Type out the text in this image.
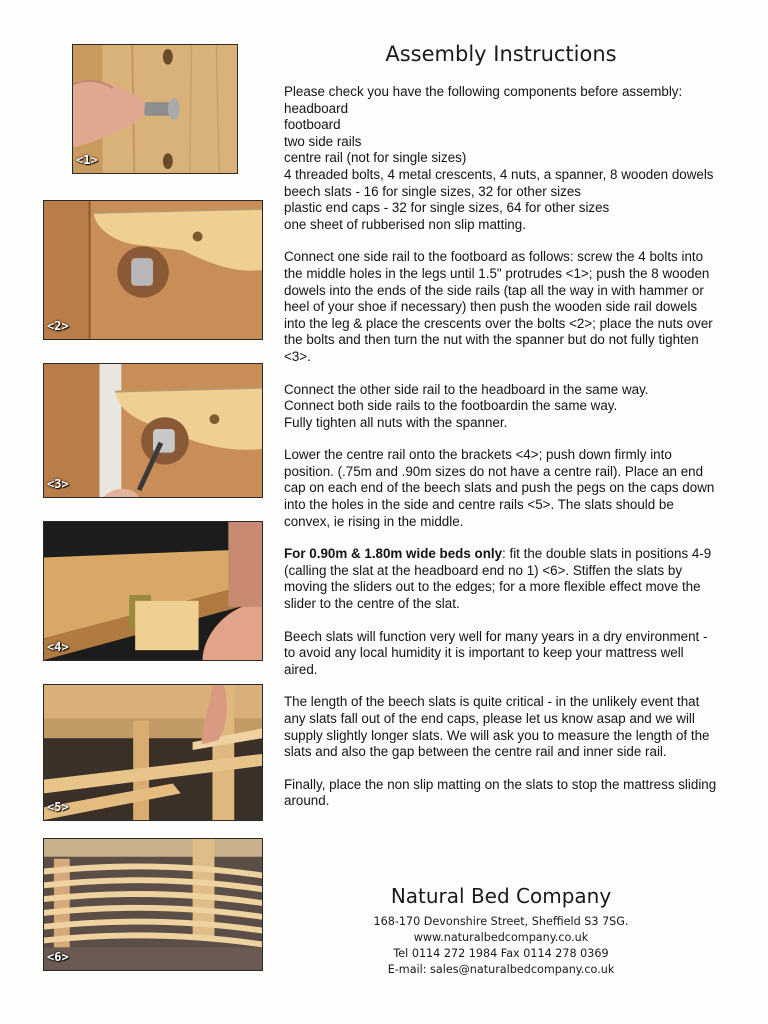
Assembly Instructions
<1>
<2>
<3>
<4>
<5>
<6>

Please check you have the following components before assembly:
headboard
footboard
two side rails
centre rail (not for single sizes)
4 threaded bolts, 4 metal crescents, 4 nuts, a spanner, 8 wooden dowels
beech slats - 16 for single sizes, 32 for other sizes
plastic end caps - 32 for single sizes, 64 for other sizes
one sheet of rubberised non slip matting.

Connect one side rail to the footboard as follows: screw the 4 bolts into the middle holes in the legs until 1.5" protrudes <1>; push the 8 wooden dowels into the ends of the side rails (tap all the way in with hammer or heel of your shoe if necessary) then push the wooden side rail dowels into the leg & place the crescents over the bolts <2>; place the nuts over the bolts and then turn the nut with the spanner but do not fully tighten <3>.

Connect the other side rail to the headboard in the same way.
Connect both side rails to the footboardin the same way.
Fully tighten all nuts with the spanner.

Lower the centre rail onto the brackets <4>; push down firmly into position. (.75m and .90m sizes do not have a centre rail). Place an end cap on each end of the beech slats and push the pegs on the caps down into the holes in the side and centre rails <5>. The slats should be convex, ie rising in the middle.

For 0.90m & 1.80m wide beds only: fit the double slats in positions 4-9 (calling the slat at the headboard end no 1) <6>. Stiffen the slats by moving the sliders out to the edges; for a more flexible effect move the slider to the centre of the slat.

Beech slats will function very well for many years in a dry environment - to avoid any local humidity it is important to keep your mattress well aired.

The length of the beech slats is quite critical - in the unlikely event that any slats fall out of the end caps, please let us know asap and we will supply slightly longer slats. We will ask you to measure the length of the slats and also the gap between the centre rail and inner side rail.

Finally, place the non slip matting on the slats to stop the mattress sliding around.

Natural Bed Company
168-170 Devonshire Street, Sheffield S3 7SG.
www.naturalbedcompany.co.uk
Tel 0114 272 1984 Fax 0114 278 0369
E-mail: sales@naturalbedcompany.co.uk
